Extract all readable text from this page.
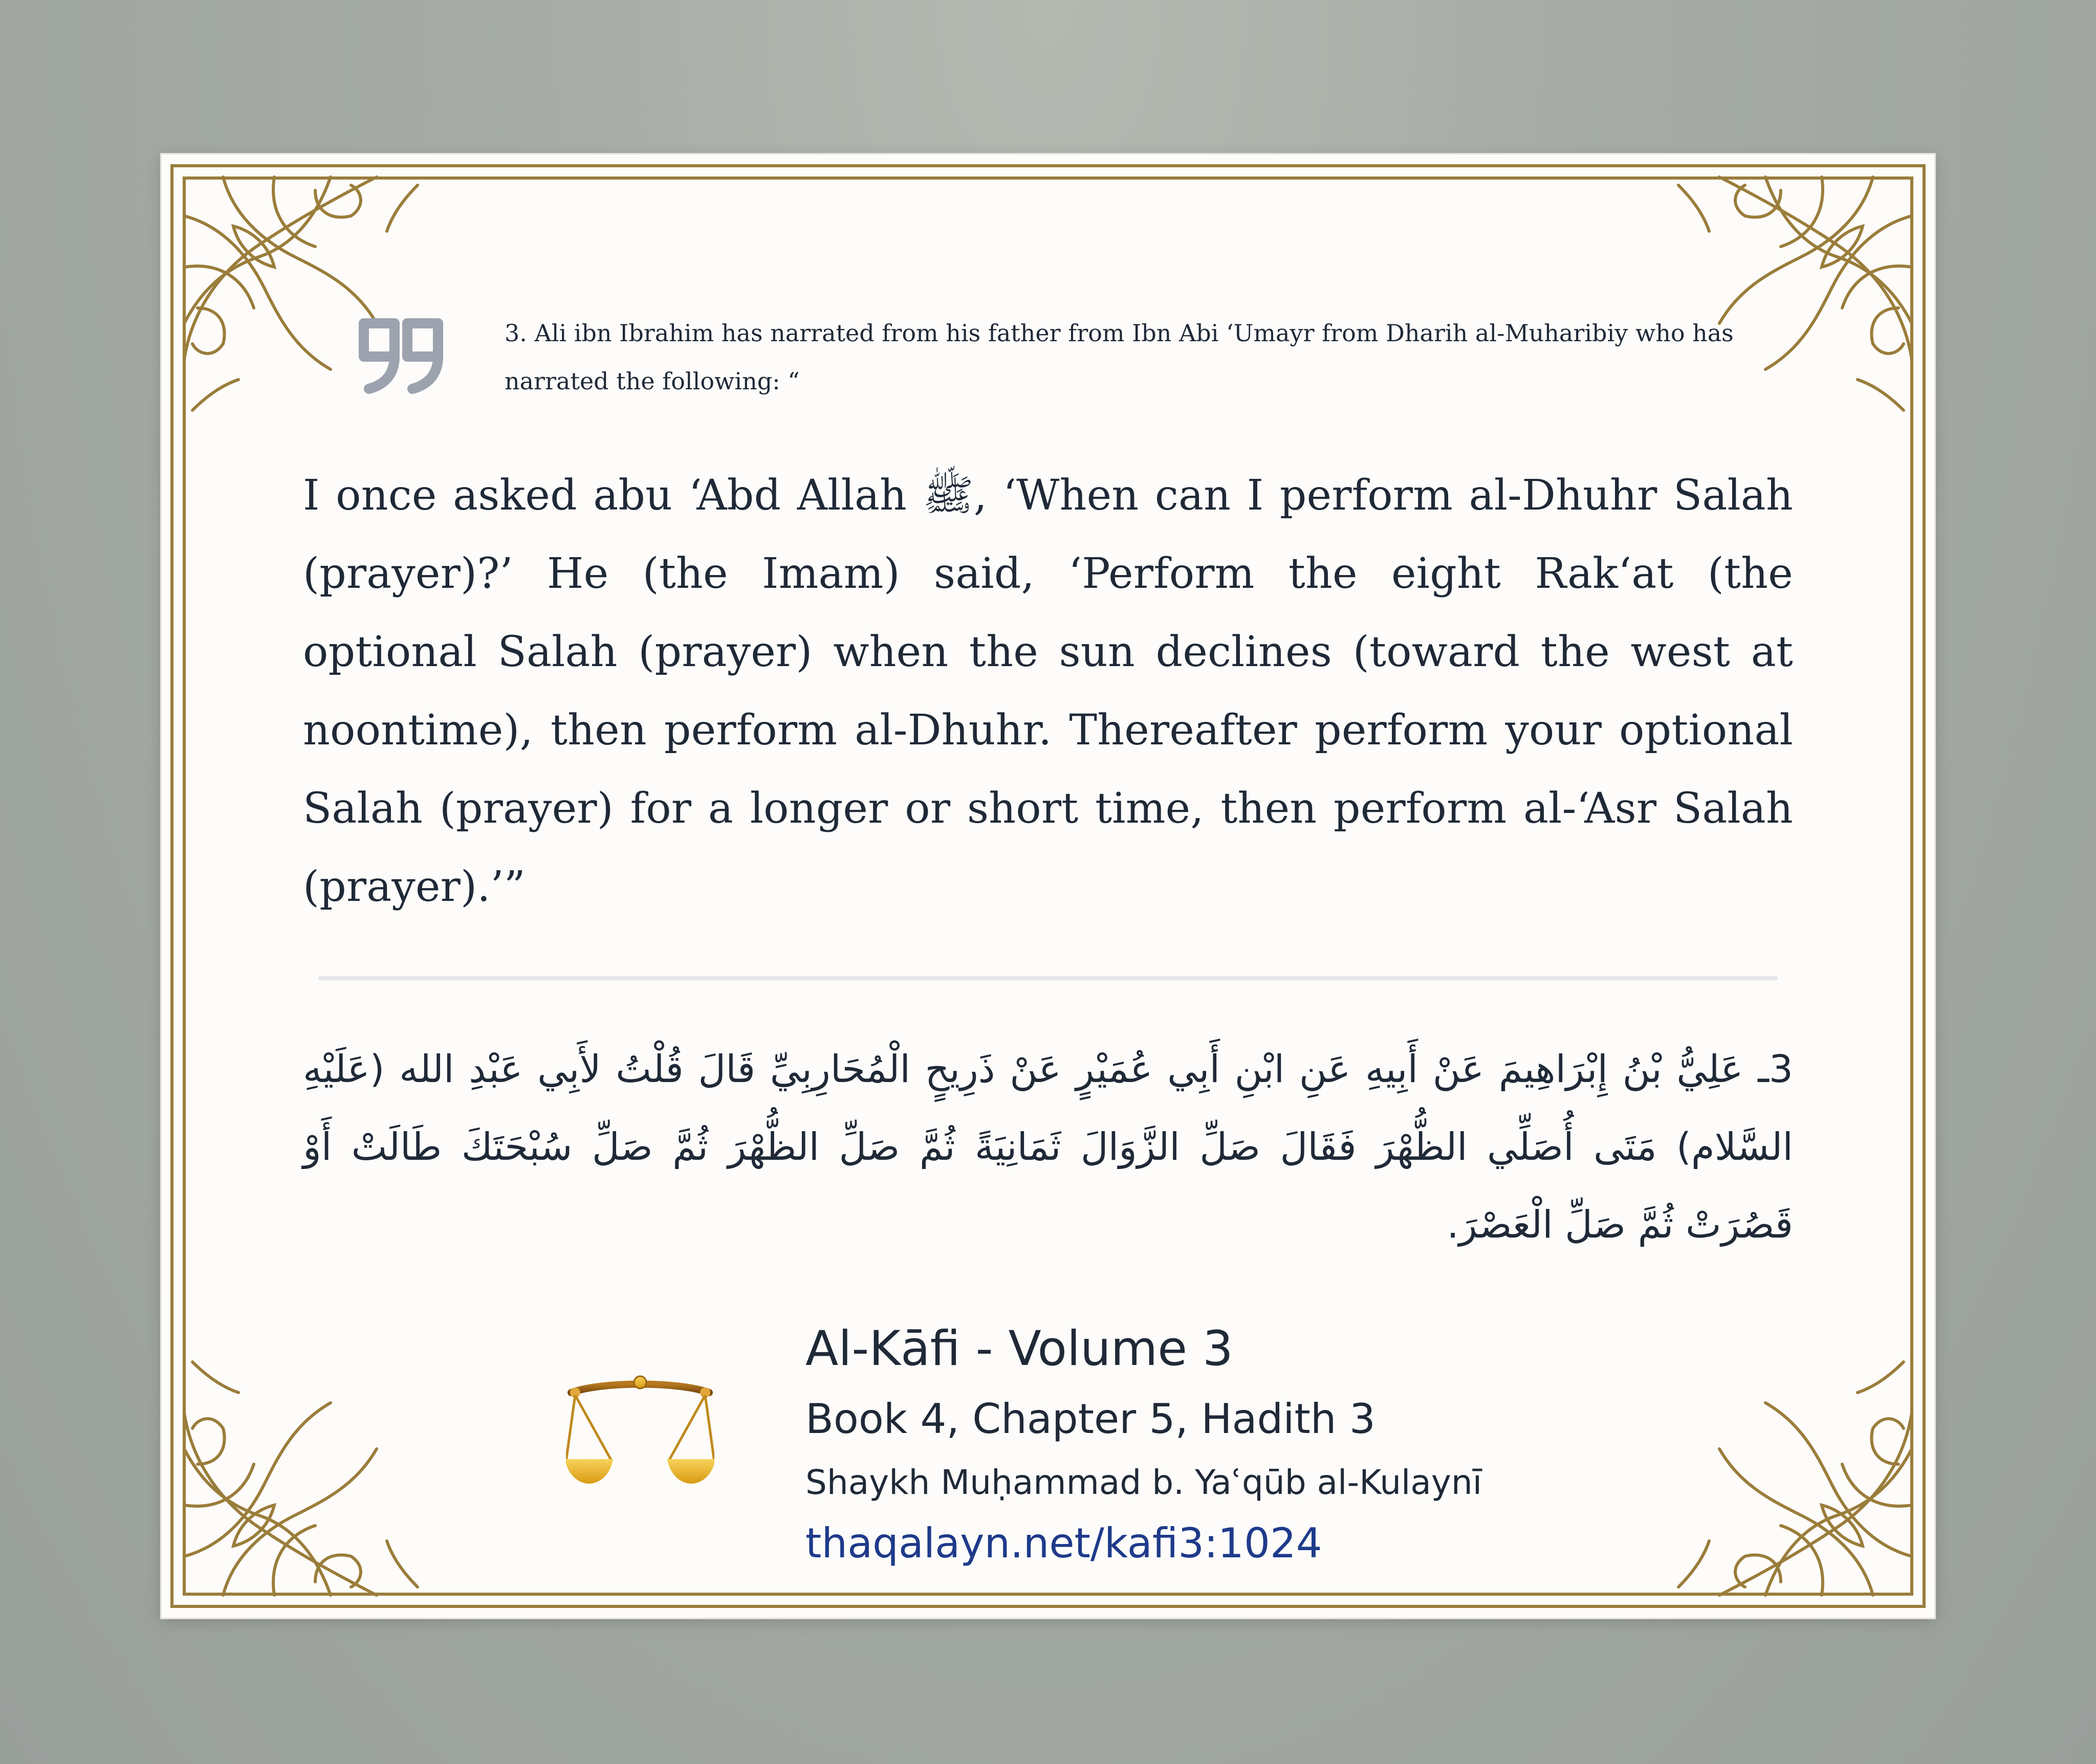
3. Ali ibn Ibrahim has narrated from his father from Ibn Abi ‘Umayr from Dharih al-Muharibiy who has narrated the following: “

I once asked abu ‘Abd Allah ﷺ, ‘When can I perform al-Dhuhr Salah (prayer)?’ He (the Imam) said, ‘Perform the eight Rak‘at (the optional Salah (prayer) when the sun declines (toward the west at noontime), then perform al-Dhuhr. Thereafter perform your optional Salah (prayer) for a longer or short time, then perform al-‘Asr Salah (prayer).’”

3ـ عَلِيُّ بْنُ إِبْرَاهِيمَ عَنْ أَبِيهِ عَنِ ابْنِ أَبِي عُمَيْرٍ عَنْ ذَرِيحٍ الْمُحَارِبِيِّ قَالَ قُلْتُ لأَبِي عَبْدِ الله (عَلَيْهِ السَّلام) مَتَى أُصَلِّي الظُّهْرَ فَقَالَ صَلِّ الزَّوَالَ ثَمَانِيَةً ثُمَّ صَلِّ الظُّهْرَ ثُمَّ صَلِّ سُبْحَتَكَ طَالَتْ أَوْ قَصُرَتْ ثُمَّ صَلِّ الْعَصْرَ.

Al-Kāfi - Volume 3

Book 4, Chapter 5, Hadith 3

Shaykh Muḥammad b. Yaʿqūb al-Kulaynī

thaqalayn.net/kafi3:1024
